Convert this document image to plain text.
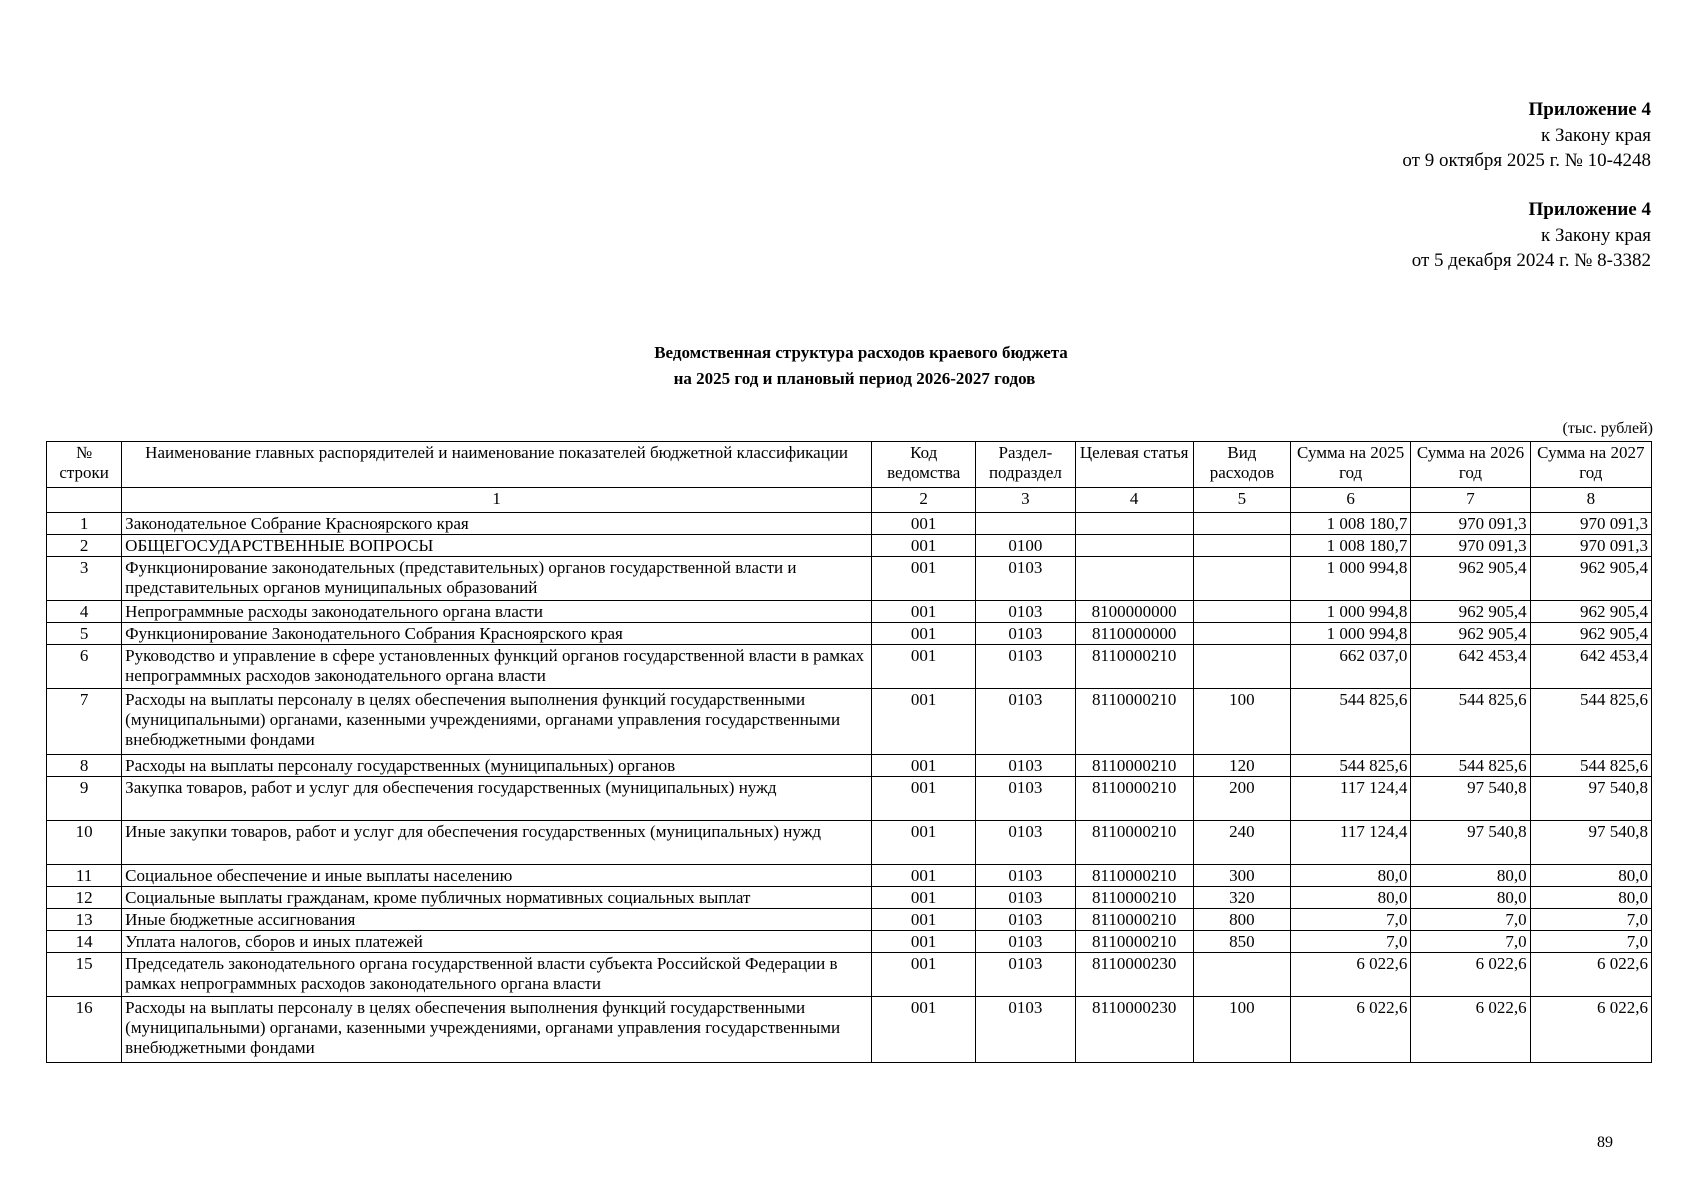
Приложение 4
к Закону края
от 9 октября 2025 г. № 10-4248
Приложение 4
к Закону края
от 5 декабря 2024 г. № 8-3382
Ведомственная структура расходов краевого бюджета
на 2025 год и плановый период 2026-2027 годов
(тыс. рублей)
№ строки	Наименование главных распорядителей и наименование показателей бюджетной классификации	Код ведомства	Раздел-подраздел	Целевая статья	Вид расходов	Сумма на 2025 год	Сумма на 2026 год	Сумма на 2027 год
	1	2	3	4	5	6	7	8
1	Законодательное Собрание Красноярского края	001				1 008 180,7	970 091,3	970 091,3
2	ОБЩЕГОСУДАРСТВЕННЫЕ ВОПРОСЫ	001	0100			1 008 180,7	970 091,3	970 091,3
3	Функционирование законодательных (представительных) органов государственной власти и представительных органов муниципальных образований	001	0103			1 000 994,8	962 905,4	962 905,4
4	Непрограммные расходы законодательного органа власти	001	0103	8100000000		1 000 994,8	962 905,4	962 905,4
5	Функционирование Законодательного Собрания Красноярского края	001	0103	8110000000		1 000 994,8	962 905,4	962 905,4
6	Руководство и управление в сфере установленных функций органов государственной власти в рамках непрограммных расходов законодательного органа власти	001	0103	8110000210		662 037,0	642 453,4	642 453,4
7	Расходы на выплаты персоналу в целях обеспечения выполнения функций государственными (муниципальными) органами, казенными учреждениями, органами управления государственными внебюджетными фондами	001	0103	8110000210	100	544 825,6	544 825,6	544 825,6
8	Расходы на выплаты персоналу государственных (муниципальных) органов	001	0103	8110000210	120	544 825,6	544 825,6	544 825,6
9	Закупка товаров, работ и услуг для обеспечения государственных (муниципальных) нужд	001	0103	8110000210	200	117 124,4	97 540,8	97 540,8
10	Иные закупки товаров, работ и услуг для обеспечения государственных (муниципальных) нужд	001	0103	8110000210	240	117 124,4	97 540,8	97 540,8
11	Социальное обеспечение и иные выплаты населению	001	0103	8110000210	300	80,0	80,0	80,0
12	Социальные выплаты гражданам, кроме публичных нормативных социальных выплат	001	0103	8110000210	320	80,0	80,0	80,0
13	Иные бюджетные ассигнования	001	0103	8110000210	800	7,0	7,0	7,0
14	Уплата налогов, сборов и иных платежей	001	0103	8110000210	850	7,0	7,0	7,0
15	Председатель законодательного органа государственной власти субъекта Российской Федерации в рамках непрограммных расходов законодательного органа власти	001	0103	8110000230		6 022,6	6 022,6	6 022,6
16	Расходы на выплаты персоналу в целях обеспечения выполнения функций государственными (муниципальными) органами, казенными учреждениями, органами управления государственными внебюджетными фондами	001	0103	8110000230	100	6 022,6	6 022,6	6 022,6
89
